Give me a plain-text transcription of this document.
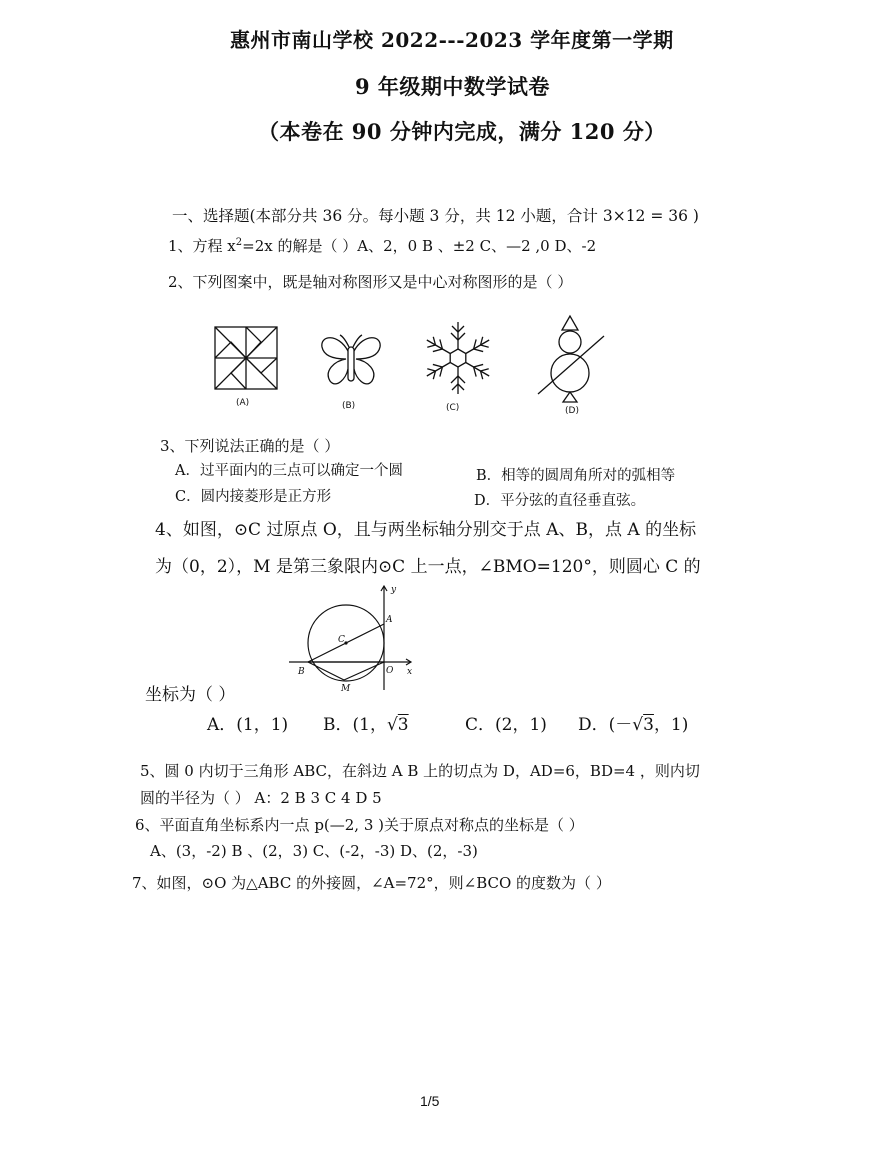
惠州市南山学校 2022---2023 学年度第一学期
9 年级期中数学试卷
（本卷在 90 分钟内完成，满分 120 分）
一、选择题(本部分共 36 分。每小题 3 分，共 12 小题，合计 3×12 = 36 )
1、方程 $x^2=2x$ 的解是（ ）A、2，0 B 、±2 C、—2 ,0 D、-2
2、下列图案中，既是轴对称图形又是中心对称图形的是（ ）
(A)	(B)	(C)	(D)
3、下列说法正确的是（ ）
A．过平面内的三点可以确定一个圆	B．相等的圆周角所对的弧相等
C．圆内接菱形是正方形	D．平分弦的直径垂直弦。
4、如图，⊙C 过原点 O，且与两坐标轴分别交于点 A、B，点 A 的坐标
为（0，2），M 是第三象限内⊙C 上一点，∠BMO=120°，则圆心 C 的
y
x
A
B
C
O
M
坐标为（ ）
A．(1，1) B．(1，√3	C．(2，1) D．(－√3，1)
5、圆 0 内切于三角形 ABC，在斜边 A B 上的切点为 D，AD=6，BD=4 ，则内切
圆的半径为（ ） A：2 B 3 C 4 D 5
6、平面直角坐标系内一点 p(—2, 3 )关于原点对称点的坐标是（ ）
A、(3，-2) B 、(2，3) C、(-2，-3) D、(2，-3)
7、如图，⊙O 为△ABC 的外接圆，∠A=72°，则∠BCO 的度数为（ ）
1/5
